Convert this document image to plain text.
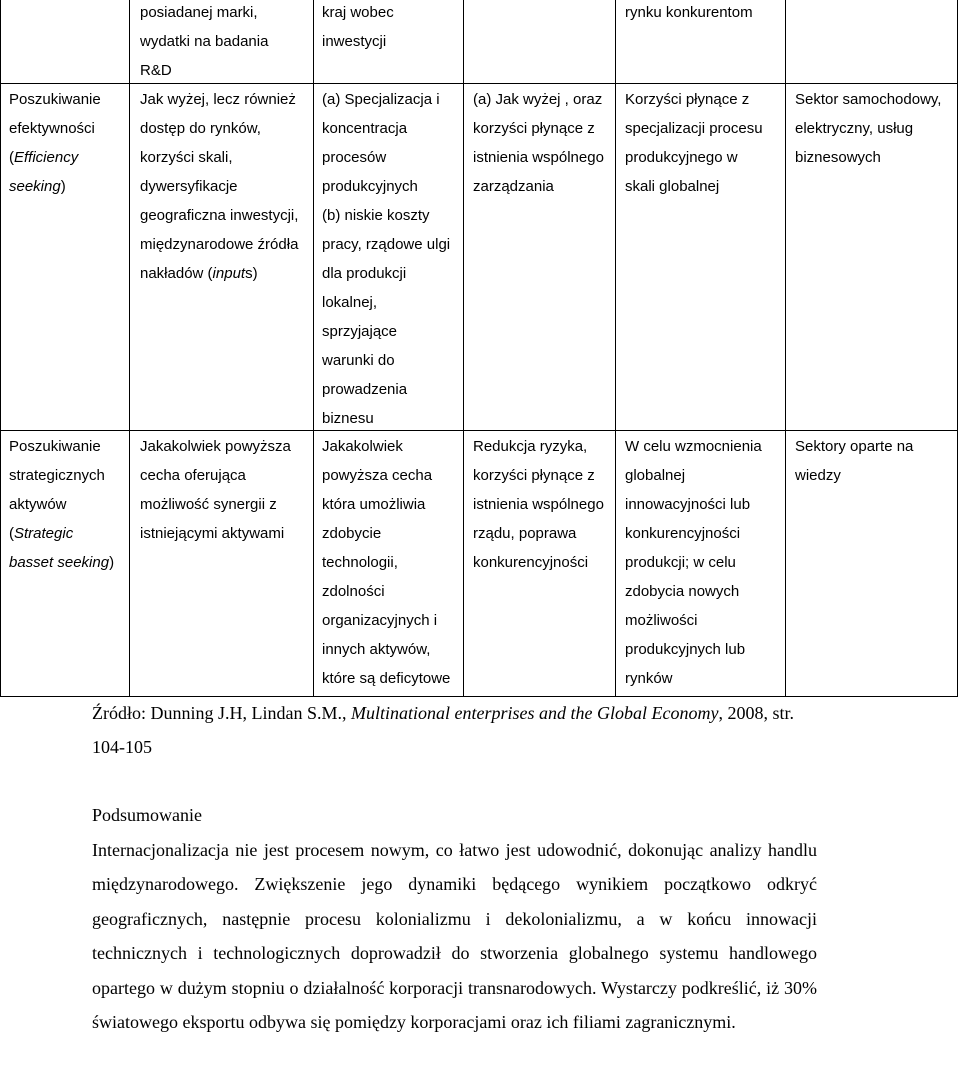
posiadanej marki,
wydatki na badania
R&D
kraj wobec
inwestycji
rynku konkurentom
Poszukiwanie
efektywności
(Efficiency
seeking)
Jak wyżej, lecz również
dostęp do rynków,
korzyści skali,
dywersyfikacje
geograficzna inwestycji,
międzynarodowe źródła
nakładów (inputs)
(a) Specjalizacja i
koncentracja
procesów
produkcyjnych
(b) niskie koszty
pracy, rządowe ulgi
dla produkcji
lokalnej,
sprzyjające
warunki do
prowadzenia
biznesu
(a) Jak wyżej , oraz
korzyści płynące z
istnienia wspólnego
zarządzania
Korzyści płynące z
specjalizacji procesu
produkcyjnego w
skali globalnej
Sektor samochodowy,
elektryczny, usług
biznesowych
Poszukiwanie
strategicznych
aktywów
(Strategic
basset seeking)
Jakakolwiek powyższa
cecha oferująca
możliwość synergii z
istniejącymi aktywami
Jakakolwiek
powyższa cecha
która umożliwia
zdobycie
technologii,
zdolności
organizacyjnych i
innych aktywów,
które są deficytowe
Redukcja ryzyka,
korzyści płynące z
istnienia wspólnego
rządu, poprawa
konkurencyjności
W celu wzmocnienia
globalnej
innowacyjności lub
konkurencyjności
produkcji; w celu
zdobycia nowych
możliwości
produkcyjnych lub
rynków
Sektory oparte na
wiedzy
Źródło: Dunning J.H, Lindan S.M., Multinational enterprises and the Global Economy, 2008, str. 104-105
Podsumowanie
Internacjonalizacja nie jest procesem nowym, co łatwo jest udowodnić, dokonując analizy handlu międzynarodowego. Zwiększenie jego dynamiki będącego wynikiem początkowo odkryć geograficznych, następnie procesu kolonializmu i dekolonializmu, a w końcu innowacji technicznych i technologicznych doprowadził do stworzenia globalnego systemu handlowego opartego w dużym stopniu o działalność korporacji transnarodowych. Wystarczy podkreślić, iż 30% światowego eksportu odbywa się pomiędzy korporacjami oraz ich filiami zagranicznymi.
